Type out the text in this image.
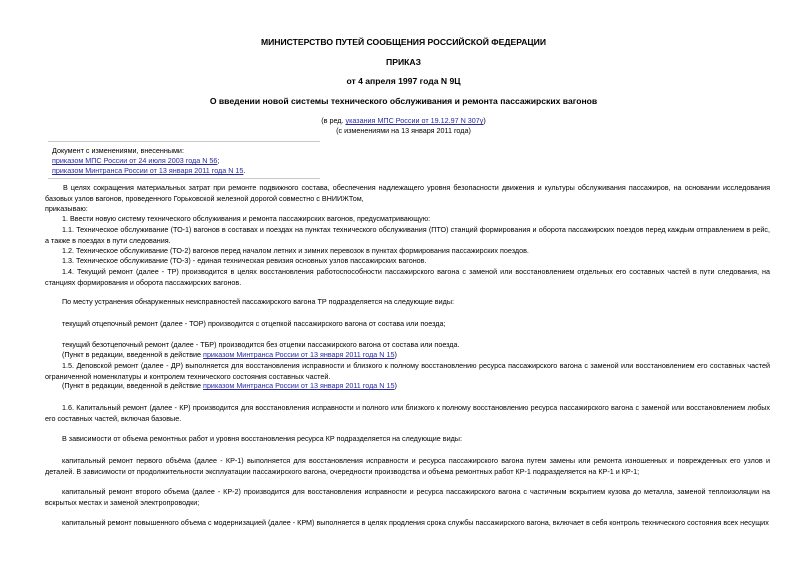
МИНИСТЕРСТВО ПУТЕЙ СООБЩЕНИЯ РОССИЙСКОЙ ФЕДЕРАЦИИ
ПРИКАЗ
от 4 апреля 1997 года N 9Ц
О введении новой системы технического обслуживания и ремонта пассажирских вагонов
(в ред. указания МПС России от 19.12.97 N 307у)
(с изменениями на 13 января 2011 года)
Документ с изменениями, внесенными:
приказом МПС России от 24 июля 2003 года N 56;
приказом Минтранса России от 13 января 2011 года N 15.
В целях сокращения материальных затрат при ремонте подвижного состава, обеспечения надлежащего уровня безопасности движения и культуры обслуживания пассажиров, на основании исследования базовых узлов вагонов, проведенного Горьковской железной дорогой совместно с ВНИИЖТом,
приказываю:
1. Ввести новую систему технического обслуживания и ремонта пассажирских вагонов, предусматривающую:
1.1. Техническое обслуживание (ТО-1) вагонов в составах и поездах на пунктах технического обслуживания (ПТО) станций формирования и оборота пассажирских поездов перед каждым отправлением в рейс, а также в поездах в пути следования.
1.2. Техническое обслуживание (ТО-2) вагонов перед началом летних и зимних перевозок в пунктах формирования пассажирских поездов.
1.3. Техническое обслуживание (ТО-3) - единая техническая ревизия основных узлов пассажирских вагонов.
1.4. Текущий ремонт (далее - ТР) производится в целях восстановления работоспособности пассажирского вагона с заменой или восстановлением отдельных его составных частей в пути следования, на станциях формирования и оборота пассажирских вагонов.
По месту устранения обнаруженных неисправностей пассажирского вагона ТР подразделяется на следующие виды:
текущий отцепочный ремонт (далее - ТОР) производится с отцепкой пассажирского вагона от состава или поезда;
текущий безотцепочный ремонт (далее - ТБР) производится без отцепки пассажирского вагона от состава или поезда.
(Пункт в редакции, введенной в действие приказом Минтранса России от 13 января 2011 года N 15)
1.5. Деповской ремонт (далее - ДР) выполняется для восстановления исправности и близкого к полному восстановлению ресурса пассажирского вагона с заменой или восстановлением его составных частей ограниченной номенклатуры и контролем технического состояния составных частей.
(Пункт в редакции, введенной в действие приказом Минтранса России от 13 января 2011 года N 15)
1.6. Капитальный ремонт (далее - КР) производится для восстановления исправности и полного или близкого к полному восстановлению ресурса пассажирского вагона с заменой или восстановлением любых его составных частей, включая базовые.
В зависимости от объема ремонтных работ и уровня восстановления ресурса КР подразделяется на следующие виды:
капитальный ремонт первого объёма (далее - КР-1) выполняется для восстановления исправности и ресурса пассажирского вагона путем замены или ремонта изношенных и поврежденных его узлов и деталей. В зависимости от продолжительности эксплуатации пассажирского вагона, очередности производства и объема ремонтных работ КР-1 подразделяется на КР-1 и КР-1;
капитальный ремонт второго объема (далее - КР-2) производится для восстановления исправности и ресурса пассажирского вагона с частичным вскрытием кузова до металла, заменой теплоизоляции на вскрытых местах и заменой электропроводки;
капитальный ремонт повышенного объема с модернизацией (далее - КРМ) выполняется в целях продления срока службы пассажирского вагона, включает в себя контроль технического состояния всех несущих
